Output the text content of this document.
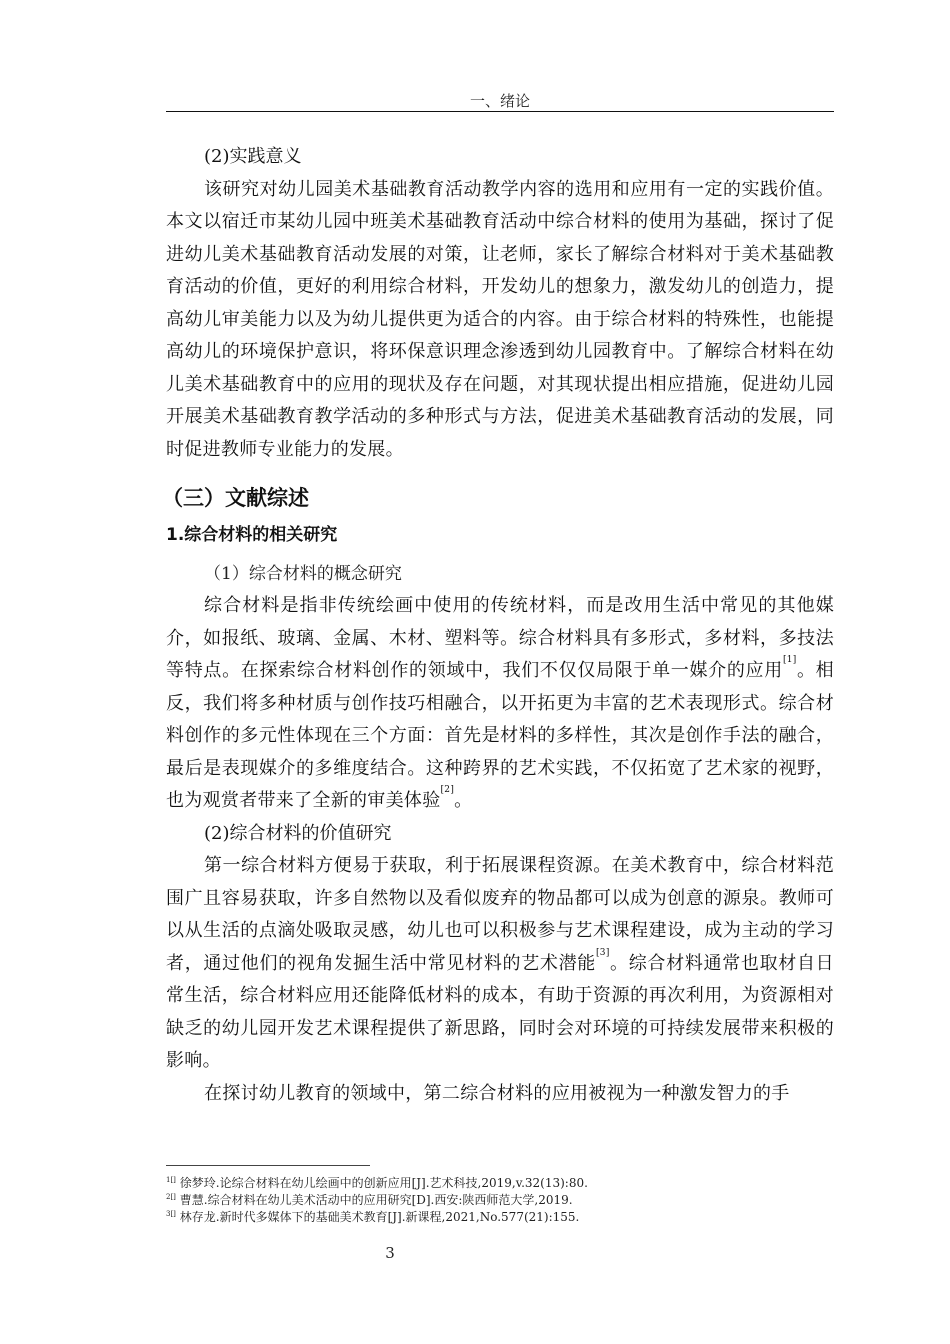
一、绪论

(2)实践意义

该研究对幼儿园美术基础教育活动教学内容的选用和应用有一定的实践价值。本文以宿迁市某幼儿园中班美术基础教育活动中综合材料的使用为基础，探讨了促进幼儿美术基础教育活动发展的对策，让老师，家长了解综合材料对于美术基础教育活动的价值，更好的利用综合材料，开发幼儿的想象力，激发幼儿的创造力，提高幼儿审美能力以及为幼儿提供更为适合的内容。由于综合材料的特殊性，也能提高幼儿的环境保护意识，将环保意识理念渗透到幼儿园教育中。了解综合材料在幼儿美术基础教育中的应用的现状及存在问题，对其现状提出相应措施，促进幼儿园开展美术基础教育教学活动的多种形式与方法，促进美术基础教育活动的发展，同时促进教师专业能力的发展。

（三）文献综述
1.综合材料的相关研究

（1）综合材料的概念研究

综合材料是指非传统绘画中使用的传统材料，而是改用生活中常见的其他媒介，如报纸、玻璃、金属、木材、塑料等。综合材料具有多形式，多材料，多技法等特点。在探索综合材料创作的领域中，我们不仅仅局限于单一媒介的应用[1]。相反，我们将多种材质与创作技巧相融合，以开拓更为丰富的艺术表现形式。综合材料创作的多元性体现在三个方面：首先是材料的多样性，其次是创作手法的融合，最后是表现媒介的多维度结合。这种跨界的艺术实践，不仅拓宽了艺术家的视野，也为观赏者带来了全新的审美体验[2]。

(2)综合材料的价值研究

第一综合材料方便易于获取，利于拓展课程资源。在美术教育中，综合材料范围广且容易获取，许多自然物以及看似废弃的物品都可以成为创意的源泉。教师可以从生活的点滴处吸取灵感，幼儿也可以积极参与艺术课程建设，成为主动的学习者，通过他们的视角发掘生活中常见材料的艺术潜能[3]。综合材料通常也取材自日常生活，综合材料应用还能降低材料的成本，有助于资源的再次利用，为资源相对缺乏的幼儿园开发艺术课程提供了新思路，同时会对环境的可持续发展带来积极的影响。

在探讨幼儿教育的领域中，第二综合材料的应用被视为一种激发智力的手

$^{1[]}$ 徐梦玲.论综合材料在幼儿绘画中的创新应用[J].艺术科技,2019,v.32(13):80.

$^{2[]}$ 曹慧.综合材料在幼儿美术活动中的应用研究[D].西安:陕西师范大学,2019.

$^{3[]}$ 林存龙.新时代多媒体下的基础美术教育[J].新课程,2021,No.577(21):155.

3
